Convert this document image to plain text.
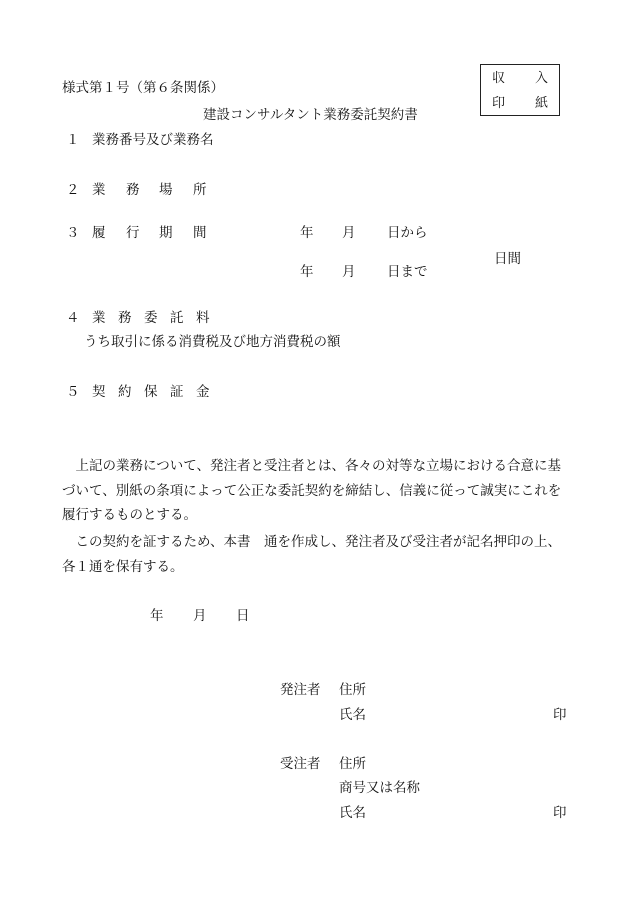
様式第１号（第６条関係）
建設コンサルタント業務委託契約書
収 入
印 紙
１ 業務番号及び業務名
２ 業 務 場 所
３ 履 行 期 間	年 月 日から
年 月 日まで
日間
４ 業 務 委 託 料
うち取引に係る消費税及び地方消費税の額
５ 契 約 保 証 金
上記の業務について、発注者と受注者とは、各々の対等な立場における合意に基づいて、別紙の条項によって公正な委託契約を締結し、信義に従って誠実にこれを履行するものとする。
この契約を証するため、本書　通を作成し、発注者及び受注者が記名押印の上、各１通を保有する。
年 月 日
発注者 住所
氏名	印
受注者 住所
商号又は名称
氏名	印
